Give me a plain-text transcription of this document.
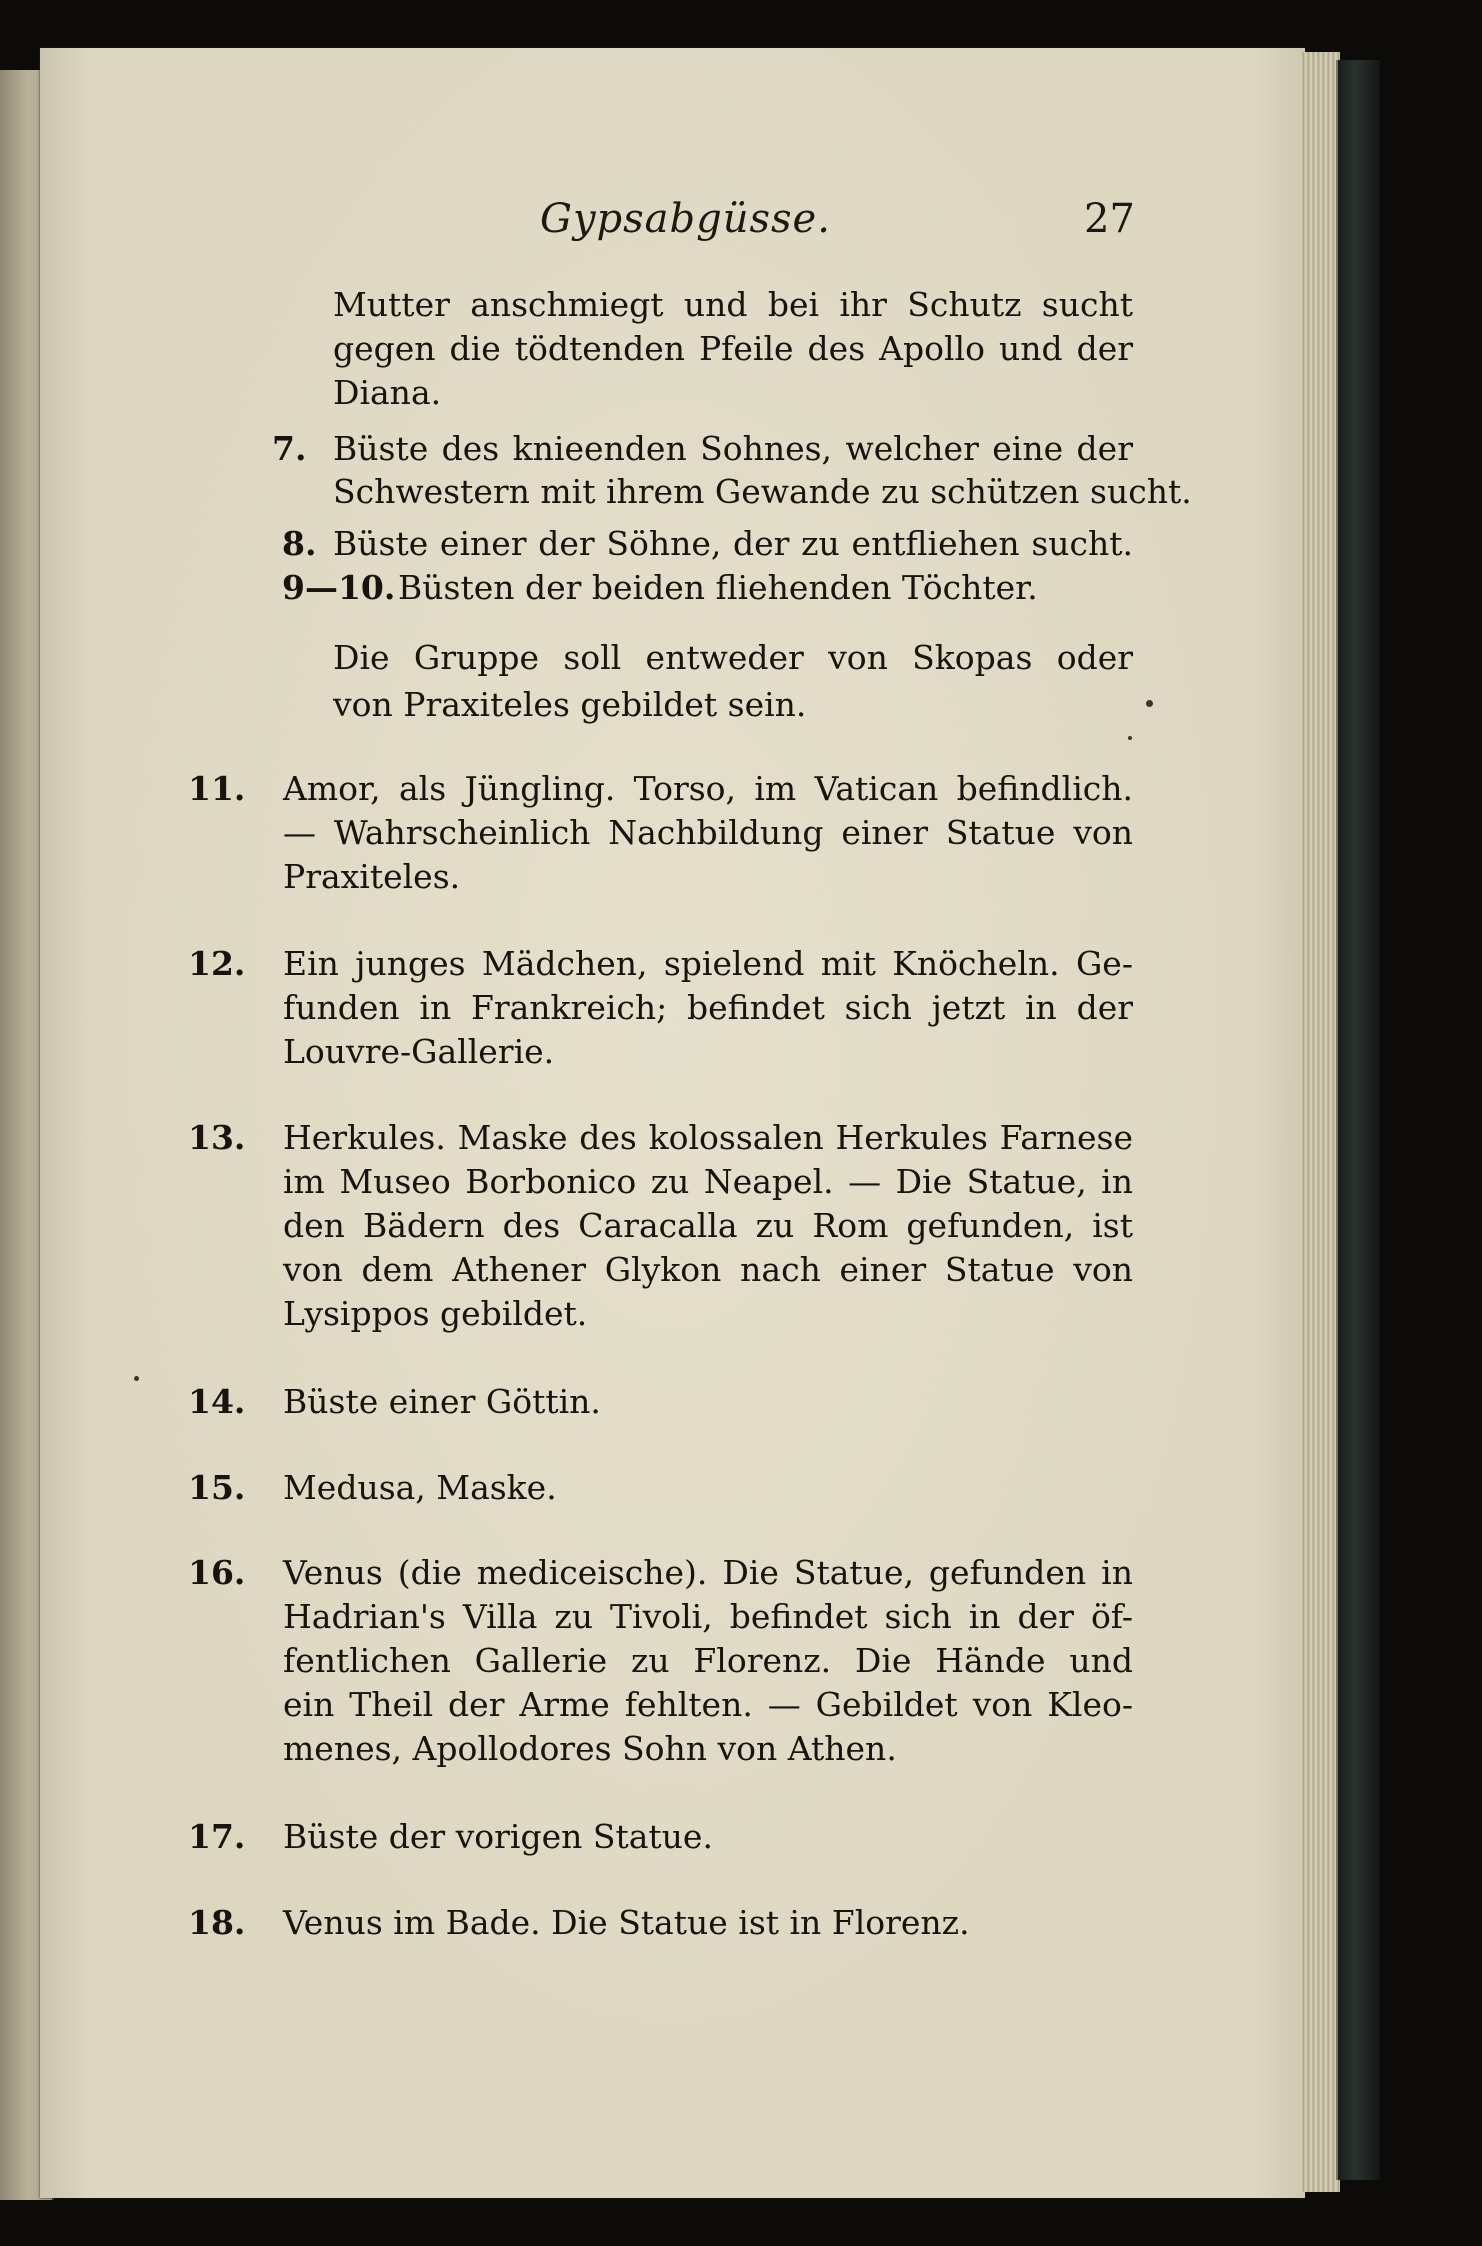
Gypsabgüsse.	27
Mutter anschmiegt und bei ihr Schutz sucht
gegen die tödtenden Pfeile des Apollo und der
Diana.
7. Büste des knieenden Sohnes, welcher eine der
Schwestern mit ihrem Gewande zu schützen sucht.
8. Büste einer der Söhne, der zu entfliehen sucht.
9—10. Büsten der beiden fliehenden Töchter.
Die Gruppe soll entweder von Skopas oder
von Praxiteles gebildet sein.
11. Amor, als Jüngling. Torso, im Vatican befindlich.
— Wahrscheinlich Nachbildung einer Statue von
Praxiteles.
12. Ein junges Mädchen, spielend mit Knöcheln. Ge-
funden in Frankreich; befindet sich jetzt in der
Louvre-Gallerie.
13. Herkules. Maske des kolossalen Herkules Farnese
im Museo Borbonico zu Neapel. — Die Statue, in
den Bädern des Caracalla zu Rom gefunden, ist
von dem Athener Glykon nach einer Statue von
Lysippos gebildet.
14. Büste einer Göttin.
15. Medusa, Maske.
16. Venus (die mediceische). Die Statue, gefunden in
Hadrian's Villa zu Tivoli, befindet sich in der öf-
fentlichen Gallerie zu Florenz. Die Hände und
ein Theil der Arme fehlten. — Gebildet von Kleo-
menes, Apollodores Sohn von Athen.
17. Büste der vorigen Statue.
18. Venus im Bade. Die Statue ist in Florenz.
